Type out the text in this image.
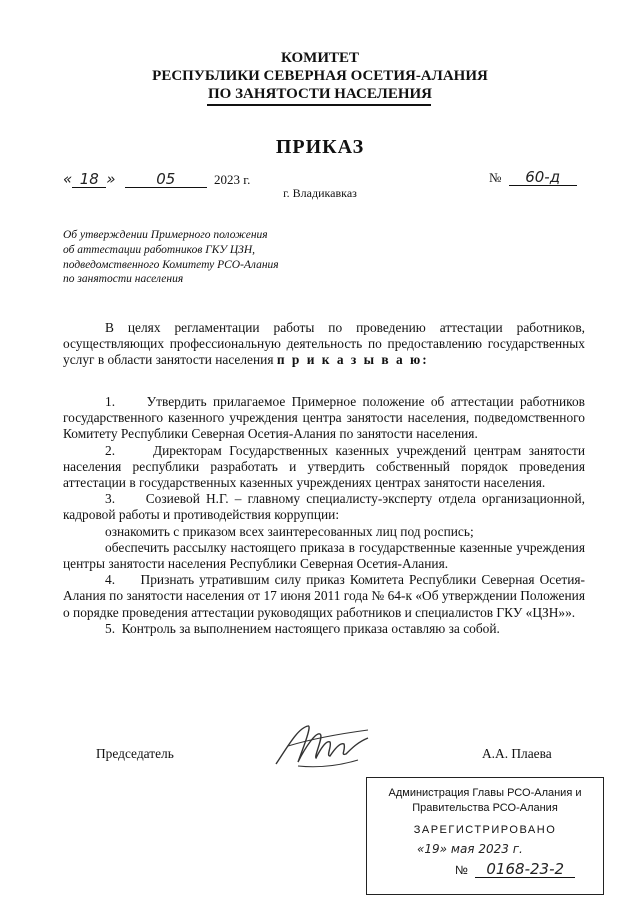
КОМИТЕТ
РЕСПУБЛИКИ СЕВЕРНАЯ ОСЕТИЯ-АЛАНИЯ
ПО ЗАНЯТОСТИ НАСЕЛЕНИЯ
ПРИКАЗ
« 18 »	05	2023 г.	№ 60-д
г. Владикавказ
Об утверждении Примерного положения
об аттестации работников ГКУ ЦЗН,
подведомственного Комитету РСО-Алания
по занятости населения

В целях регламентации работы по проведению аттестации работников, осуществляющих профессиональную деятельность по предоставлению государственных услуг в области занятости населения п р и к а з ы в а ю:

1.     Утвердить прилагаемое Примерное положение об аттестации работников государственного казенного учреждения центра занятости населения, подведомственного Комитету Республики Северная Осетия-Алания по занятости населения.

2.     Директорам Государственных казенных учреждений центрам занятости населения республики разработать и утвердить собственный порядок проведения аттестации в государственных казенных учреждениях центрах занятости населения.

3.     Созиевой Н.Г. – главному специалисту-эксперту отдела организационной, кадровой работы и противодействия коррупции:

ознакомить с приказом всех заинтересованных лиц под роспись;

обеспечить рассылку настоящего приказа в государственные казенные учреждения центры занятости населения Республики Северная Осетия-Алания.

4.     Признать утратившим силу приказ Комитета Республики Северная Осетия-Алания по занятости населения от 17 июня 2011 года № 64-к «Об утверждении Положения о порядке проведения аттестации руководящих работников и специалистов ГКУ «ЦЗН»».

5.  Контроль за выполнением настоящего приказа оставляю за собой.

Председатель	А.А. Плаева
Администрация Главы РСО-Алания и
Правительства РСО-Алания
ЗАРЕГИСТРИРОВАНО
«19» мая 2023 г.
№ 0168-23-2
